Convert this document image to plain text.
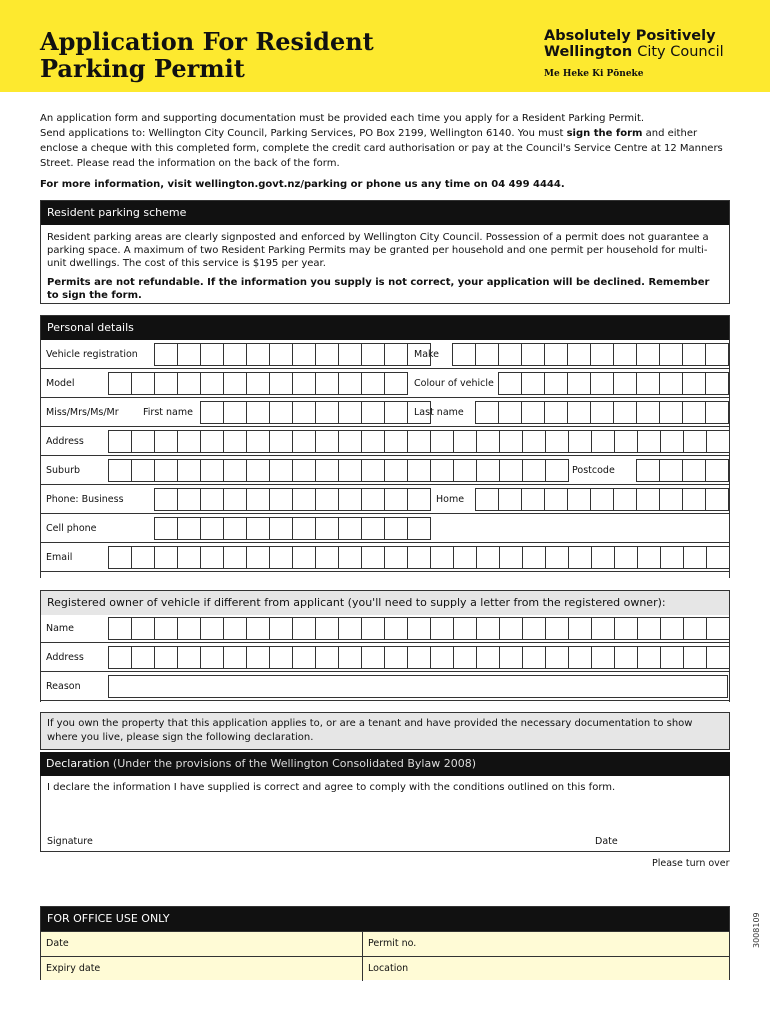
Application For Resident
Parking Permit
Absolutely Positively
Wellington City Council
Me Heke Ki Pōneke
An application form and supporting documentation must be provided each time you apply for a Resident Parking Permit.
Send applications to: Wellington City Council, Parking Services, PO Box 2199, Wellington 6140. You must sign the form and either enclose a cheque with this completed form, complete the credit card authorisation or pay at the Council's Service Centre at 12 Manners Street. Please read the information on the back of the form.
For more information, visit wellington.govt.nz/parking or phone us any time on 04 499 4444.
Resident parking scheme
Resident parking areas are clearly signposted and enforced by Wellington City Council. Possession of a permit does not guarantee a parking space. A maximum of two Resident Parking Permits may be granted per household and one permit per household for multi-unit dwellings. The cost of this service is $195 per year.
Permits are not refundable. If the information you supply is not correct, your application will be declined. Remember to sign the form.
Personal details
Vehicle registration	Make
Model	Colour of vehicle
Miss/Mrs/Ms/Mr	First name	Last name
Address
Suburb	Postcode
Phone: Business	Home
Cell phone
Email
Registered owner of vehicle if different from applicant (you'll need to supply a letter from the registered owner):
Name
Address
Reason
If you own the property that this application applies to, or are a tenant and have provided the necessary documentation to show where you live, please sign the following declaration.
Declaration (Under the provisions of the Wellington Consolidated Bylaw 2008)
I declare the information I have supplied is correct and agree to comply with the conditions outlined on this form.
Signature	Date
Please turn over
FOR OFFICE USE ONLY
Date	Permit no.
Expiry date	Location
3008109
